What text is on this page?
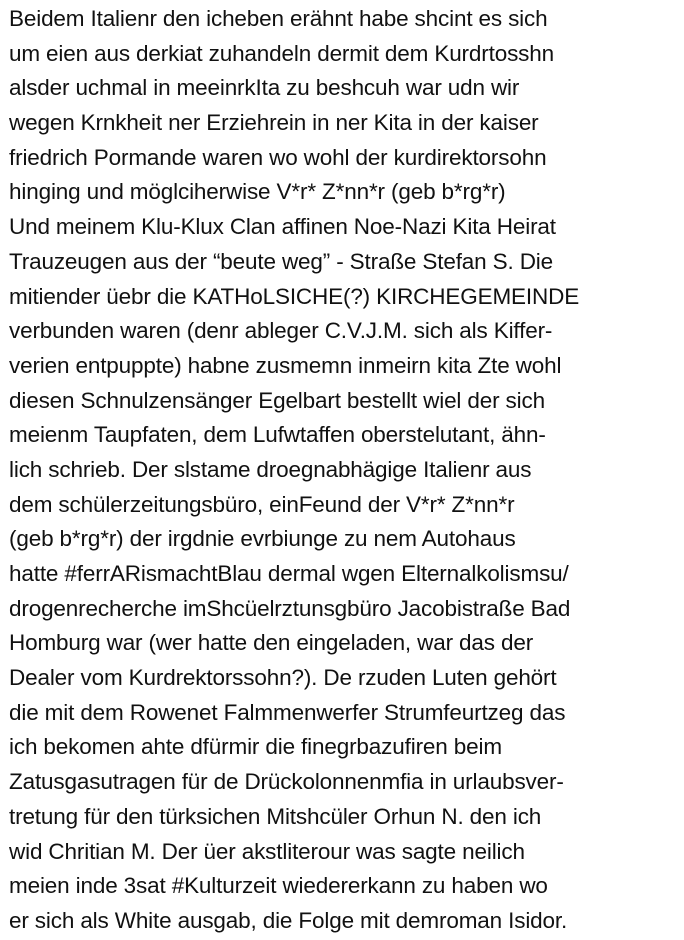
Beidem Italienr den icheben erähnt habe shcint es sich
um eien aus derkiat zuhandeln dermit dem Kurdrtosshn
alsder uchmal in meeinrkIta zu beshcuh war udn wir
wegen Krnkheit ner Erziehrein in ner Kita in der kaiser
friedrich Pormande waren wo wohl der kurdirektorsohn
hinging und möglciherwise V*r* Z*nn*r (geb b*rg*r)
Und meinem Klu-Klux Clan affinen Noe-Nazi Kita Heirat
Trauzeugen aus der “beute weg” - Straße Stefan S. Die
mitiender üebr die KATHoLSICHE(?) KIRCHEGEMEINDE
verbunden waren (denr ableger C.V.J.M. sich als Kiffer-
verien entpuppte) habne zusmemn inmeirn kita Zte wohl
diesen Schnulzensänger Egelbart bestellt wiel der sich
meienm Taupfaten, dem Lufwtaffen oberstelutant, ähn-
lich schrieb. Der slstame droegnabhägige Italienr aus
dem schülerzeitungsbüro, einFeund der V*r* Z*nn*r
(geb b*rg*r) der irgdnie evrbiunge zu nem Autohaus
hatte #ferrARismachtBlau dermal wgen Elternalkolismsu/
drogenrecherche imShcüelrztunsgbüro Jacobistraße Bad
Homburg war (wer hatte den eingeladen, war das der
Dealer vom Kurdrektorssohn?). De rzuden Luten gehört
die mit dem Rowenet Falmmenwerfer Strumfeurtzeg das
ich bekomen ahte dfürmir die finegrbazufiren beim
Zatusgasutragen für de Drückolonnenmfia in urlaubsver-
tretung für den türksichen Mitshcüler Orhun N. den ich
wid Chritian M. Der üer akstliterour was sagte neilich
meien inde 3sat #Kulturzeit wiedererkann zu haben wo
er sich als White ausgab, die Folge mit demroman Isidor.
